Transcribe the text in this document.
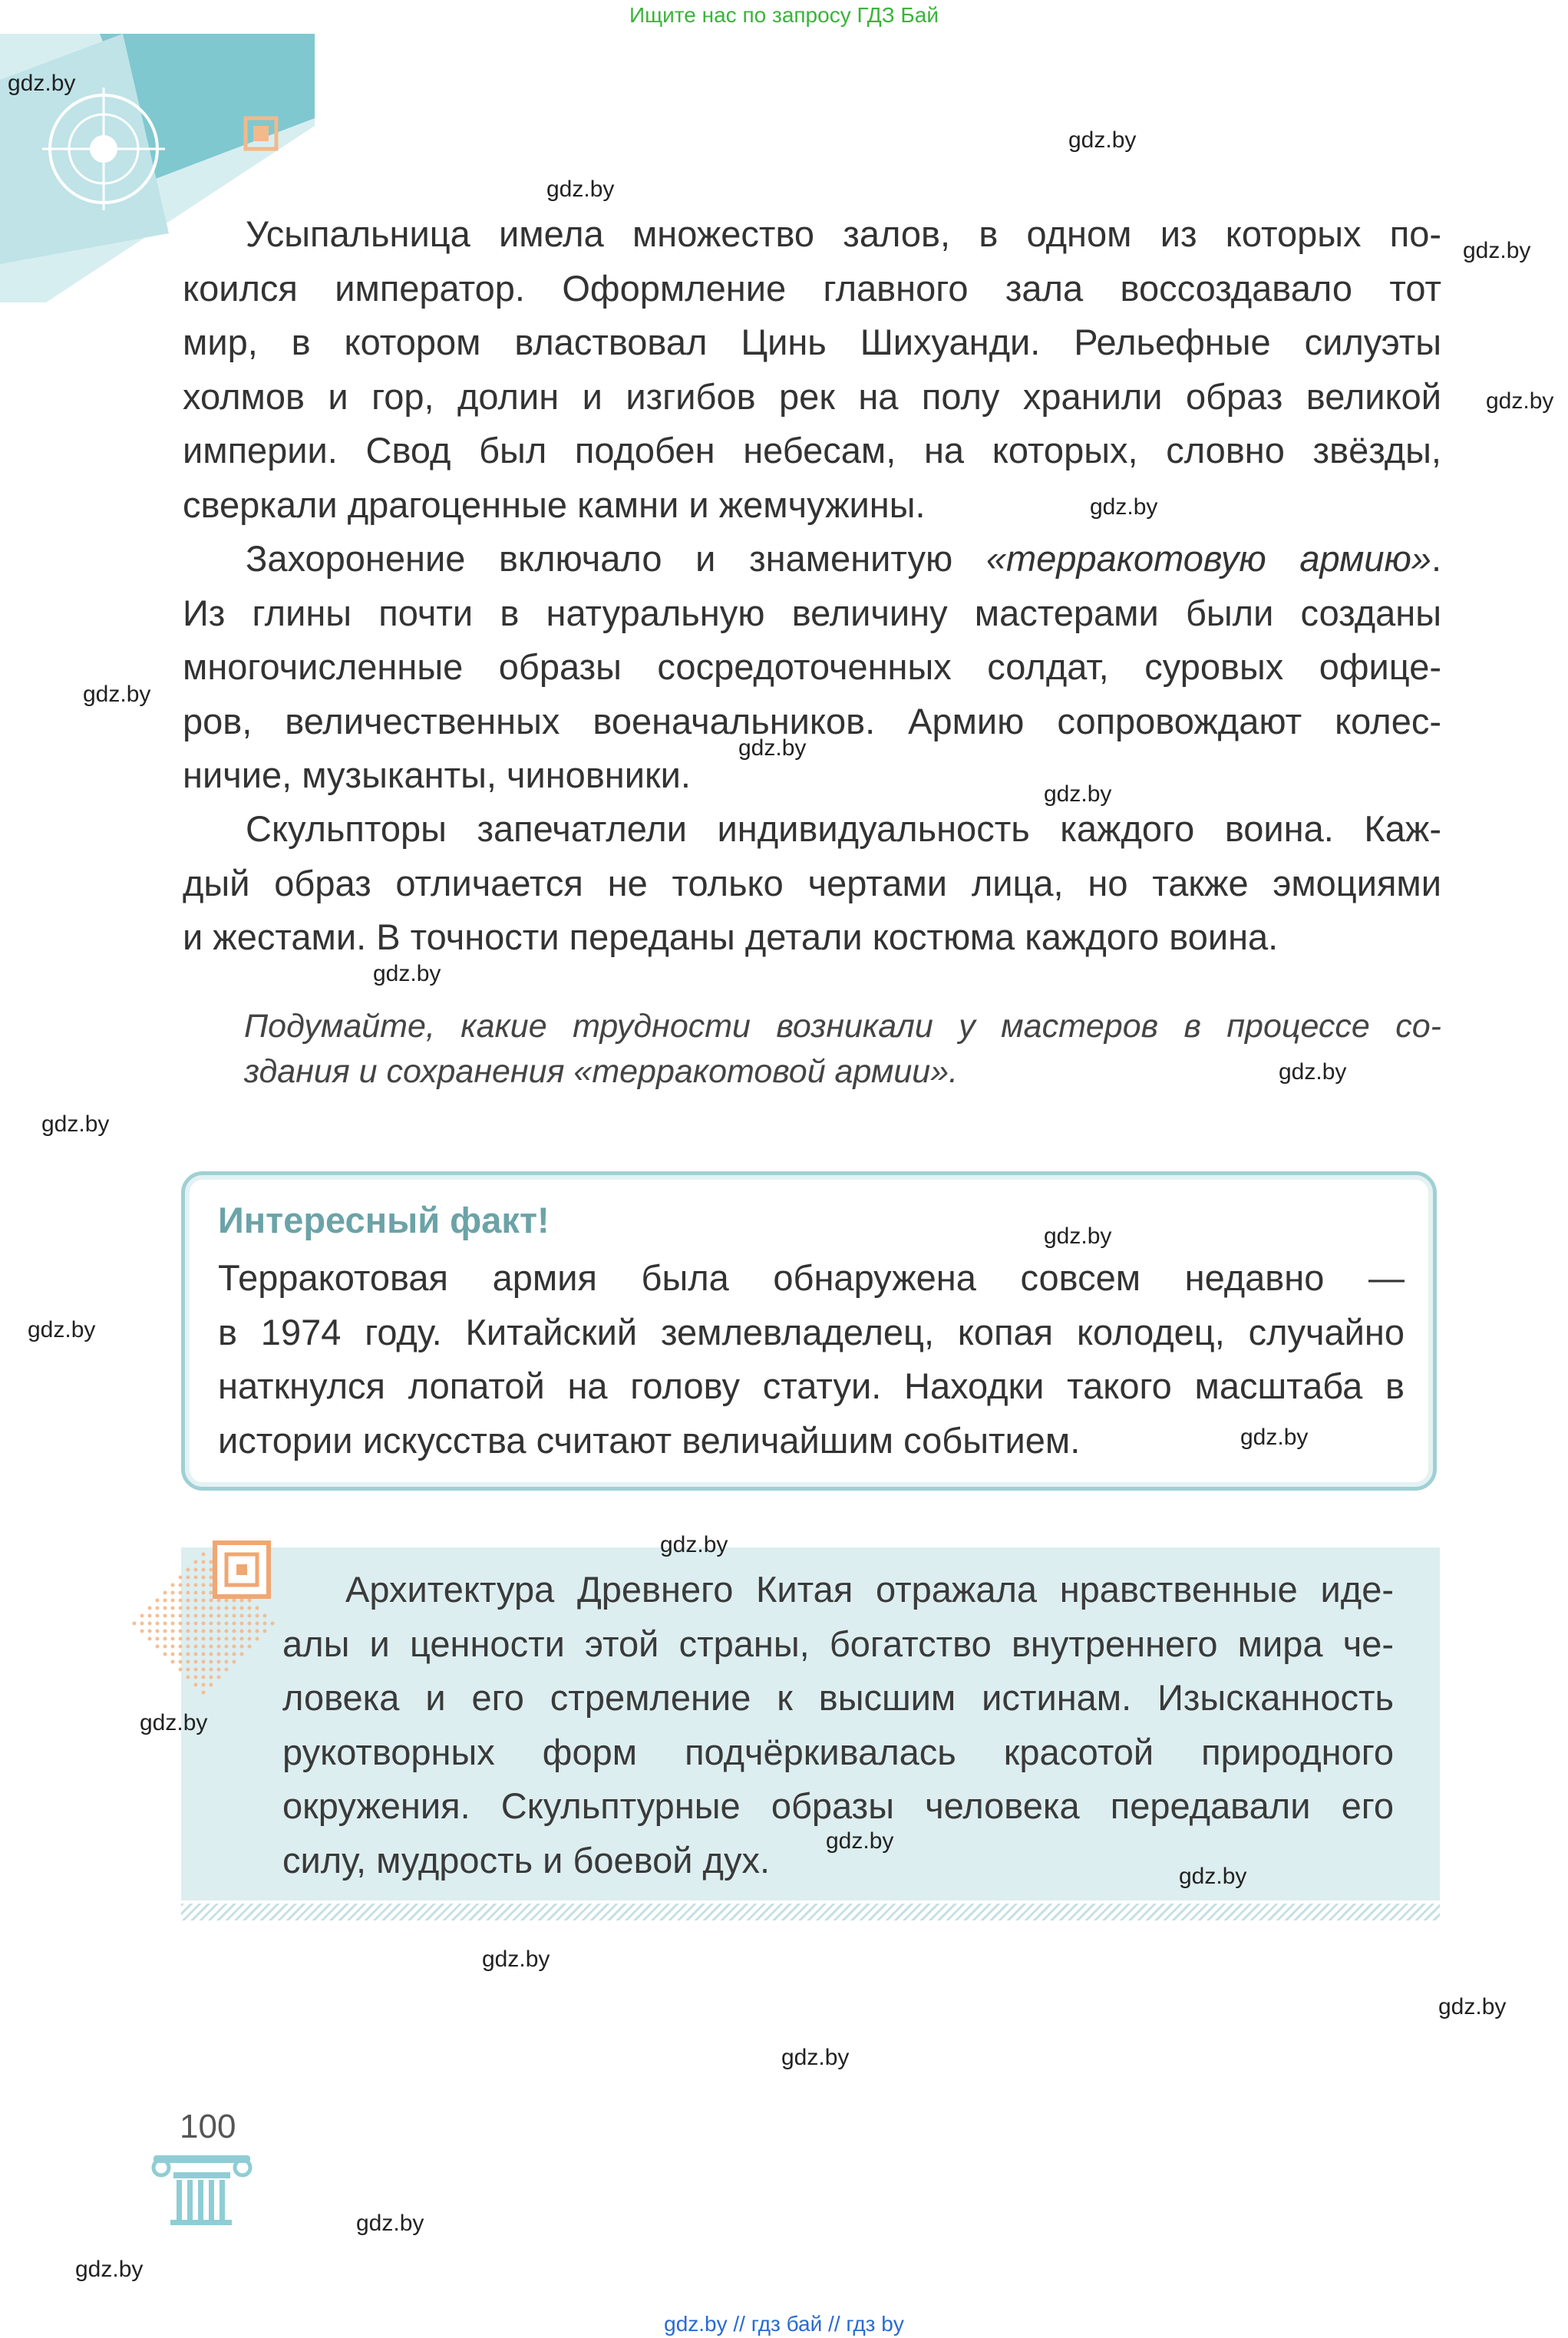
Ищите нас по запросу ГДЗ Бай
Усыпальница имела множество залов, в одном из которых по-
коился император. Оформление главного зала воссоздавало тот
мир, в котором властвовал Цинь Шихуанди. Рельефные силуэты
холмов и гор, долин и изгибов рек на полу хранили образ великой
империи. Свод был подобен небесам, на которых, словно звёзды,
сверкали драгоценные камни и жемчужины.
Захоронение включало и знаменитую «терракотовую армию».
Из глины почти в натуральную величину мастерами были созданы
многочисленные образы сосредоточенных солдат, суровых офице-
ров, величественных военачальников. Армию сопровождают колес-
ничие, музыканты, чиновники.
Скульпторы запечатлели индивидуальность каждого воина. Каж-
дый образ отличается не только чертами лица, но также эмоциями
и жестами. В точности переданы детали костюма каждого воина.
Подумайте, какие трудности возникали у мастеров в процессе со-
здания и сохранения «терракотовой армии».
Интересный факт!
Терракотовая армия была обнаружена совсем недавно —
в 1974 году. Китайский землевладелец, копая колодец, случайно
наткнулся лопатой на голову статуи. Находки такого масштаба в
истории искусства считают величайшим событием.
Архитектура Древнего Китая отражала нравственные иде-
алы и ценности этой страны, богатство внутреннего мира че-
ловека и его стремление к высшим истинам. Изысканность
рукотворных форм подчёркивалась красотой природного
окружения. Скульптурные образы человека передавали его
силу, мудрость и боевой дух.
gdz.by
gdz.by
gdz.by
gdz.by
gdz.by
gdz.by
gdz.by
gdz.by
gdz.by
gdz.by
gdz.by
gdz.by
gdz.by
gdz.by
gdz.by
gdz.by
gdz.by
gdz.by
gdz.by
gdz.by
gdz.by
gdz.by
gdz.by
gdz.by
100
gdz.by // гдз бай // гдз by
